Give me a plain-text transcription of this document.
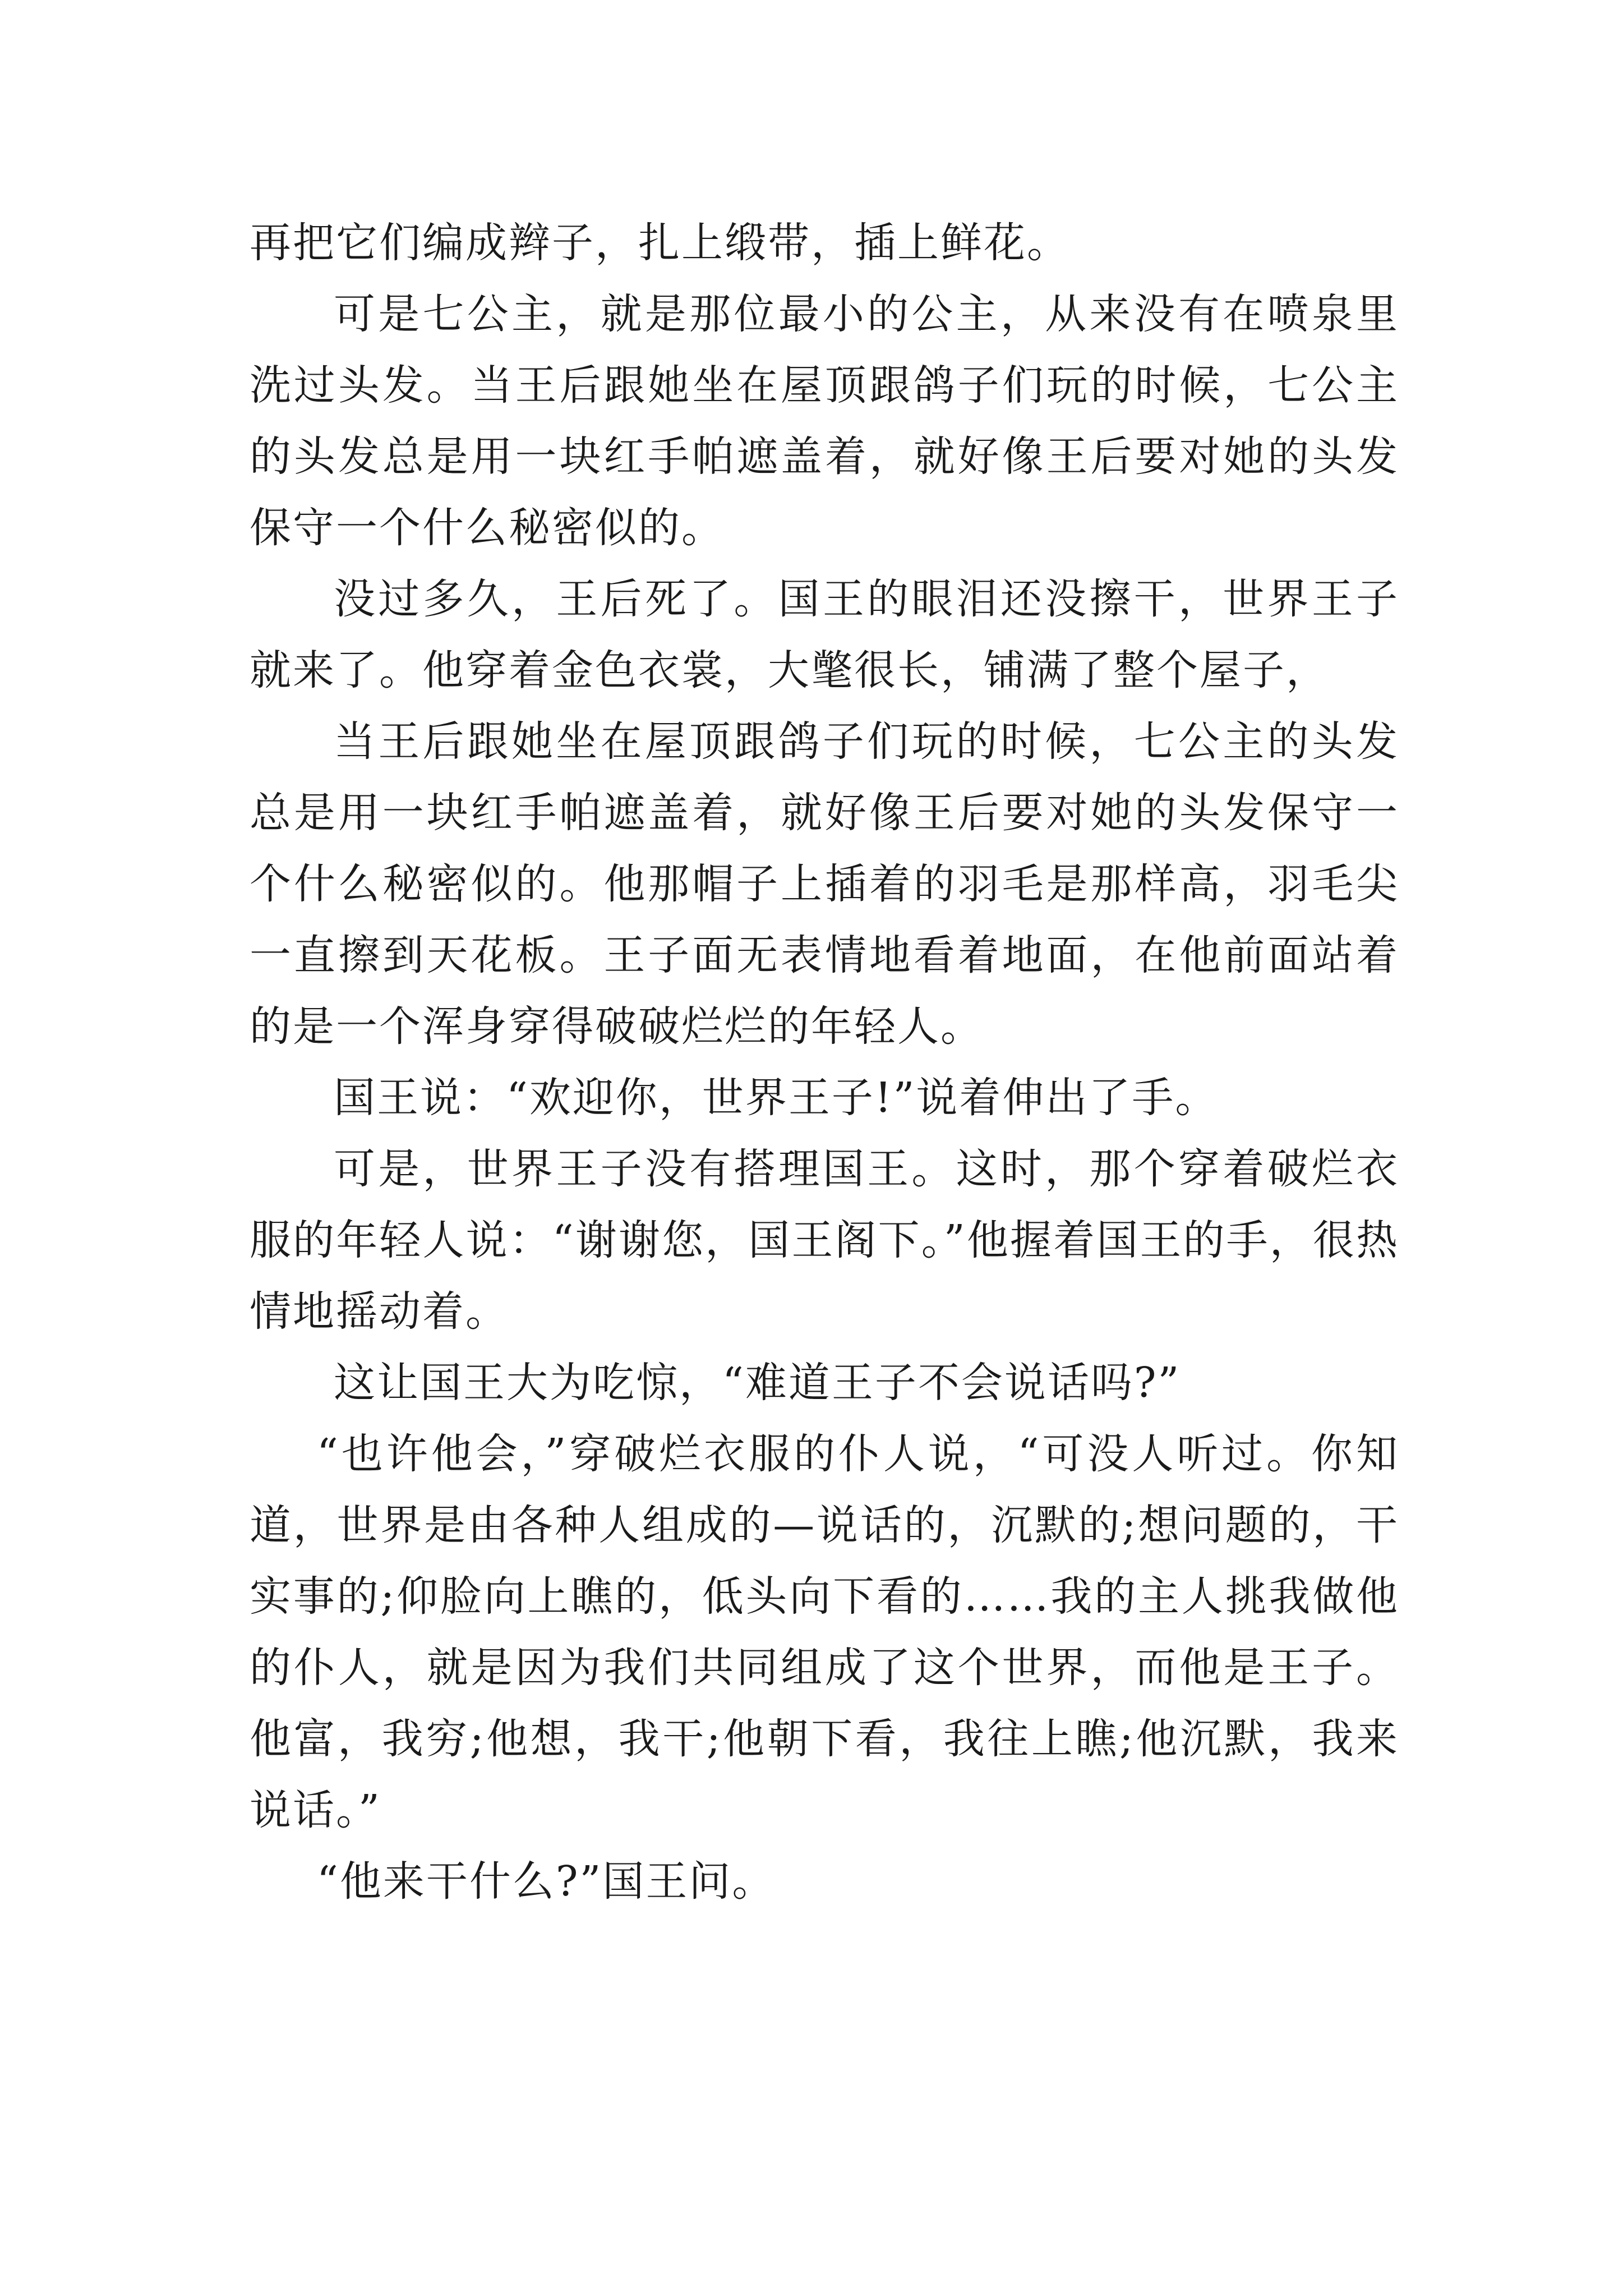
再把它们编成辫子，扎上缎带，插上鲜花。

可是七公主，就是那位最小的公主，从来没有在喷泉里洗过头发。当王后跟她坐在屋顶跟鸽子们玩的时候，七公主的头发总是用一块红手帕遮盖着，就好像王后要对她的头发保守一个什么秘密似的。

没过多久，王后死了。国王的眼泪还没擦干，世界王子就来了。他穿着金色衣裳，大氅很长，铺满了整个屋子，

当王后跟她坐在屋顶跟鸽子们玩的时候，七公主的头发总是用一块红手帕遮盖着，就好像王后要对她的头发保守一个什么秘密似的。他那帽子上插着的羽毛是那样高，羽毛尖一直擦到天花板。王子面无表情地看着地面，在他前面站着的是一个浑身穿得破破烂烂的年轻人。

国王说：“欢迎你，世界王子!”说着伸出了手。

可是，世界王子没有搭理国王。这时，那个穿着破烂衣服的年轻人说：“谢谢您，国王阁下。”他握着国王的手，很热情地摇动着。

这让国王大为吃惊，“难道王子不会说话吗?”

“也许他会，”穿破烂衣服的仆人说，“可没人听过。你知道，世界是由各种人组成的—说话的，沉默的;想问题的，干实事的;仰脸向上瞧的，低头向下看的……我的主人挑我做他的仆人，就是因为我们共同组成了这个世界，而他是王子。他富，我穷;他想，我干;他朝下看，我往上瞧;他沉默，我来说话。”

“他来干什么?”国王问。
